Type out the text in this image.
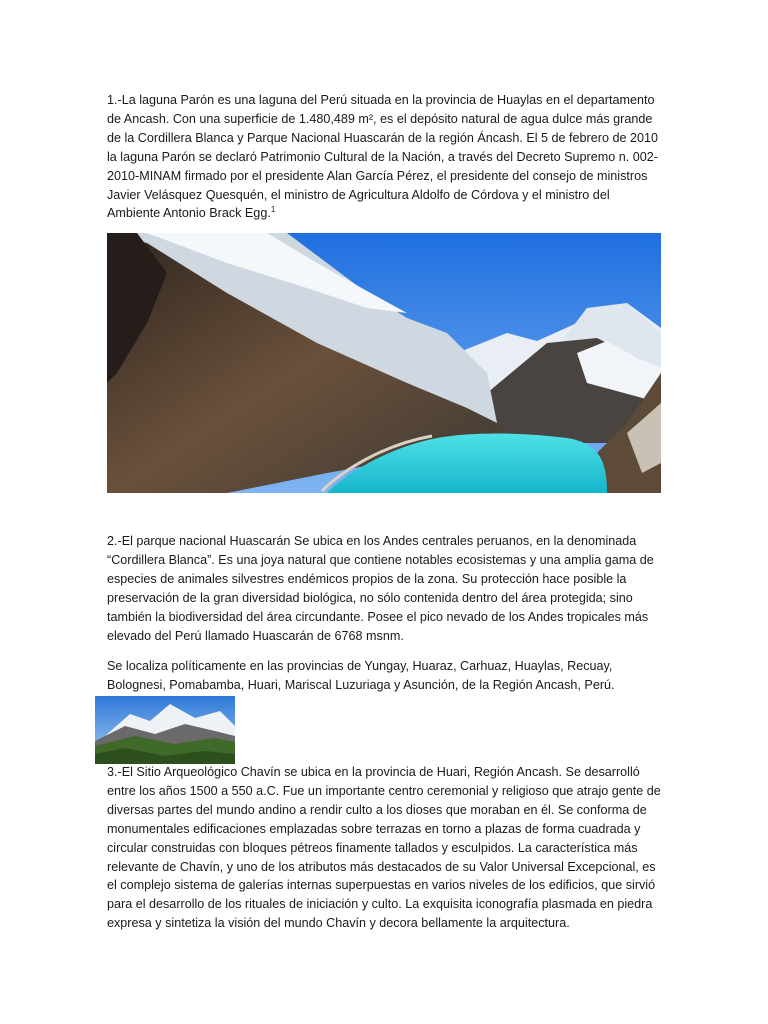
1.-La laguna Parón es una laguna del Perú situada en la provincia de Huaylas en el departamento de Ancash. Con una superficie de 1.480,489 m², es el depósito natural de agua dulce más grande de la Cordillera Blanca y Parque Nacional Huascarán de la región Áncash. El 5 de febrero de 2010 la laguna Parón se declaró Patrimonio Cultural de la Nación, a través del Decreto Supremo n. 002-2010-MINAM firmado por el presidente Alan García Pérez, el presidente del consejo de ministros Javier Velásquez Quesquén, el ministro de Agricultura Aldolfo de Córdova y el ministro del Ambiente Antonio Brack Egg.$^1$

2.-El parque nacional Huascarán Se ubica en los Andes centrales peruanos, en la denominada “Cordillera Blanca”. Es una joya natural que contiene notables ecosistemas y una amplia gama de especies de animales silvestres endémicos propios de la zona. Su protección hace posible la preservación de la gran diversidad biológica, no sólo contenida dentro del área protegida; sino también la biodiversidad del área circundante. Posee el pico nevado de los Andes tropicales más elevado del Perú llamado Huascarán de 6768 msnm.

Se localiza políticamente en las provincias de Yungay, Huaraz, Carhuaz, Huaylas, Recuay, Bolognesi, Pomabamba, Huari, Mariscal Luzuriaga y Asunción, de la Región Ancash, Perú.

3.-El Sitio Arqueológico Chavín se ubica en la provincia de Huari, Región Ancash. Se desarrolló entre los años 1500 a 550 a.C. Fue un importante centro ceremonial y religioso que atrajo gente de diversas partes del mundo andino a rendir culto a los dioses que moraban en él. Se conforma de monumentales edificaciones emplazadas sobre terrazas en torno a plazas de forma cuadrada y circular construidas con bloques pétreos finamente tallados y esculpidos. La característica más relevante de Chavín, y uno de los atributos más destacados de su Valor Universal Excepcional, es el complejo sistema de galerías internas superpuestas en varios niveles de los edificios, que sirvió para el desarrollo de los rituales de iniciación y culto. La exquisita iconografía plasmada en piedra expresa y sintetiza la visión del mundo Chavín y decora bellamente la arquitectura.
